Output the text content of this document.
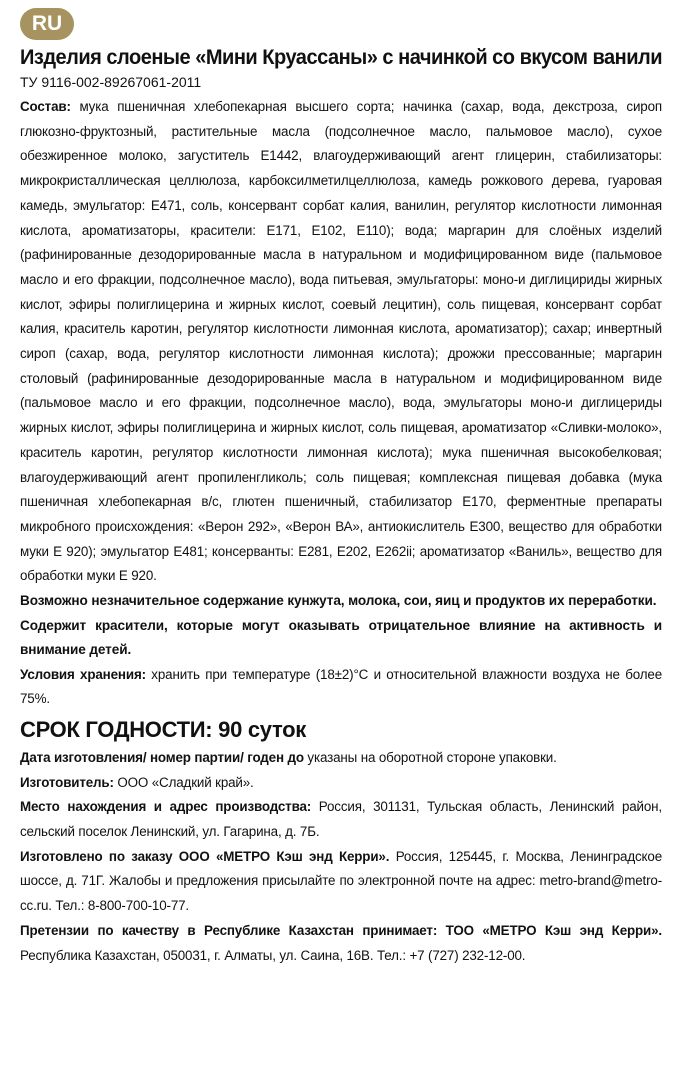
RU
Изделия слоеные «Мини Круассаны» с начинкой со вкусом ванили
ТУ 9116-002-89267061-2011

Состав: мука пшеничная хлебопекарная высшего сорта; начинка (сахар, вода, декстроза, сироп глюкозно-фруктозный, растительные масла (подсолнечное масло, пальмовое масло), сухое обезжиренное молоко, загуститель Е1442, влагоудерживающий агент глицерин, стабилизаторы: микрокристаллическая целлюлоза, карбоксилметилцеллюлоза, камедь рожкового дерева, гуаровая камедь, эмульгатор: Е471, соль, консервант сорбат калия, ванилин, регулятор кислотности лимонная кислота, ароматизаторы, красители: Е171, Е102, Е110); вода; маргарин для слоёных изделий (рафинированные дезодорированные масла в натуральном и модифицированном виде (пальмовое масло и его фракции, подсолнечное масло), вода питьевая, эмульгаторы: моно-и диглицириды жирных кислот, эфиры полиглицерина и жирных кислот, соевый лецитин), соль пищевая, консервант сорбат калия, краситель каротин, регулятор кислотности лимонная кислота, ароматизатор); сахар; инвертный сироп (сахар, вода, регулятор кислотности лимонная кислота); дрожжи прессованные; маргарин столовый (рафинированные дезодорированные масла в натуральном и модифицированном виде (пальмовое масло и его фракции, подсолнечное масло), вода, эмульгаторы моно-и диглицериды жирных кислот, эфиры полиглицерина и жирных кислот, соль пищевая, ароматизатор «Сливки-молоко», краситель каротин, регулятор кислотности лимонная кислота); мука пшеничная высокобелковая; влагоудерживающий агент пропиленгликоль; соль пищевая; комплексная пищевая добавка (мука пшеничная хлебопекарная в/с, глютен пшеничный, стабилизатор Е170, ферментные препараты микробного происхождения: «Верон 292», «Верон ВА», антиокислитель Е300, вещество для обработки муки Е 920); эмульгатор Е481; консерванты: Е281, Е202, Е262ii; ароматизатор «Ваниль», вещество для обработки муки Е 920.

Возможно незначительное содержание кунжута, молока, сои, яиц и продуктов их переработки.

Содержит красители, которые могут оказывать отрицательное влияние на активность и внимание детей.

Условия хранения: хранить при температуре (18±2)°С и относительной влажности воздуха не более 75%.

СРОК ГОДНОСТИ: 90 суток

Дата изготовления/ номер партии/ годен до указаны на оборотной стороне упаковки.

Изготовитель: ООО «Сладкий край».

Место нахождения и адрес производства: Россия, 301131, Тульская область, Ленинский район, сельский поселок Ленинский, ул. Гагарина, д. 7Б.

Изготовлено по заказу ООО «МЕТРО Кэш энд Керри». Россия, 125445, г. Москва, Ленинградское шоссе, д. 71Г. Жалобы и предложения присылайте по электронной почте на адрес: metro-brand@metro-cc.ru. Тел.: 8-800-700-10-77.

Претензии по качеству в Республике Казахстан принимает: ТОО «МЕТРО Кэш энд Керри». Республика Казахстан, 050031, г. Алматы, ул. Саина, 16В. Тел.: +7 (727) 232-12-00.
